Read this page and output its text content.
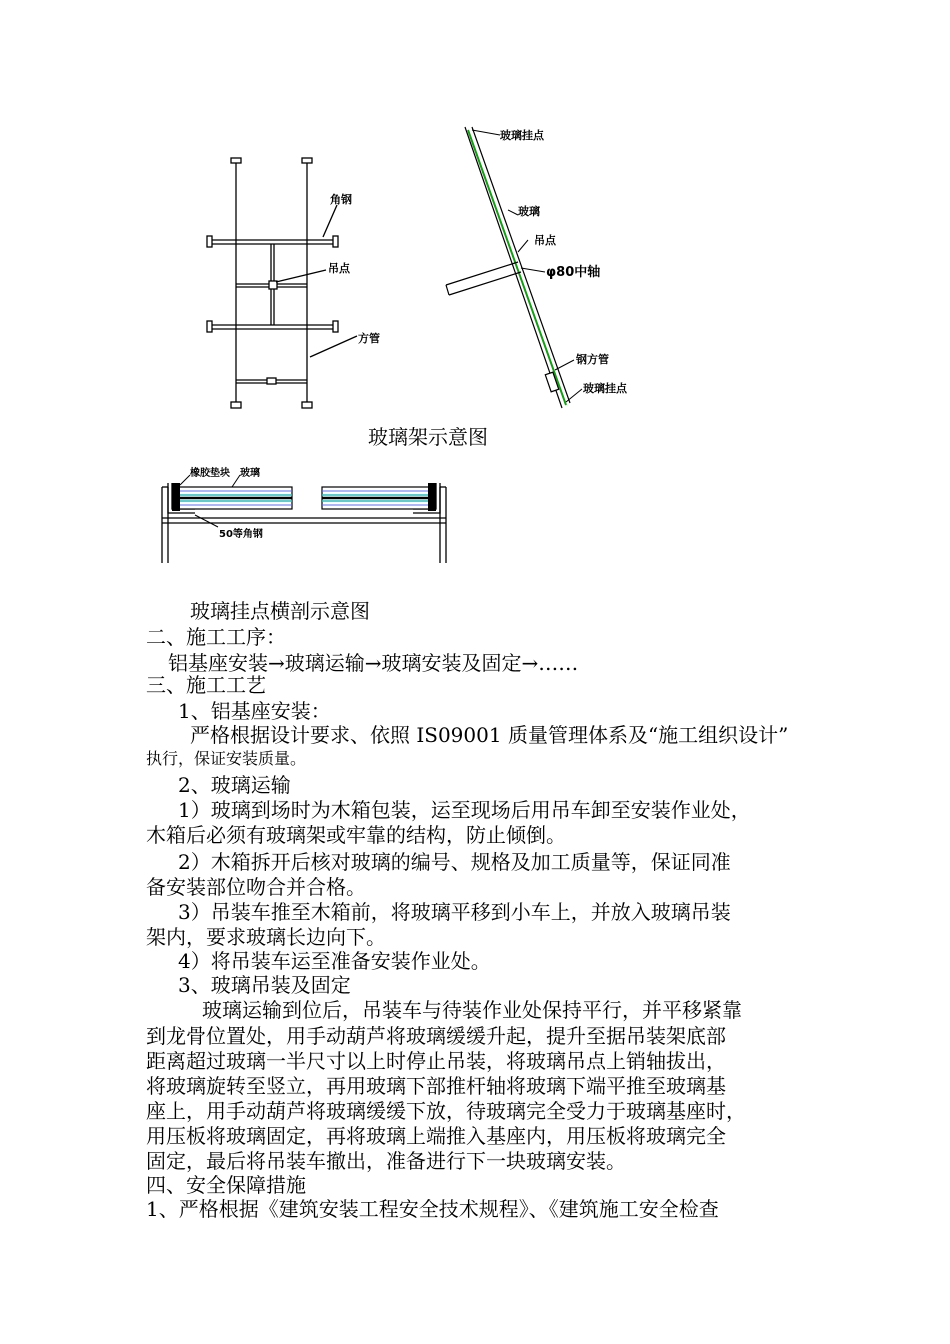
角钢
吊点
方管
玻璃挂点
玻璃
吊点
φ80中轴
钢方管
玻璃挂点
玻璃架示意图
橡胶垫块 玻璃
50等角钢
玻璃挂点横剖示意图
二、施工工序：
铝基座安装→玻璃运输→玻璃安装及固定→……
三、施工工艺
1、铝基座安装：
严格根据设计要求、依照 IS09001 质量管理体系及“施工组织设计”
执行，保证安装质量。
2、玻璃运输
1）玻璃到场时为木箱包装，运至现场后用吊车卸至安装作业处，
木箱后必须有玻璃架或牢靠的结构，防止倾倒。
2）木箱拆开后核对玻璃的编号、规格及加工质量等，保证同准
备安装部位吻合并合格。
3）吊装车推至木箱前，将玻璃平移到小车上，并放入玻璃吊装
架内，要求玻璃长边向下。
4）将吊装车运至准备安装作业处。
3、玻璃吊装及固定
玻璃运输到位后，吊装车与待装作业处保持平行，并平移紧靠
到龙骨位置处，用手动葫芦将玻璃缓缓升起，提升至据吊装架底部
距离超过玻璃一半尺寸以上时停止吊装，将玻璃吊点上销轴拔出，
将玻璃旋转至竖立，再用玻璃下部推杆轴将玻璃下端平推至玻璃基
座上，用手动葫芦将玻璃缓缓下放，待玻璃完全受力于玻璃基座时，
用压板将玻璃固定，再将玻璃上端推入基座内，用压板将玻璃完全
固定，最后将吊装车撤出，准备进行下一块玻璃安装。
四、安全保障措施
1、严格根据《建筑安装工程安全技术规程》、《建筑施工安全检查
